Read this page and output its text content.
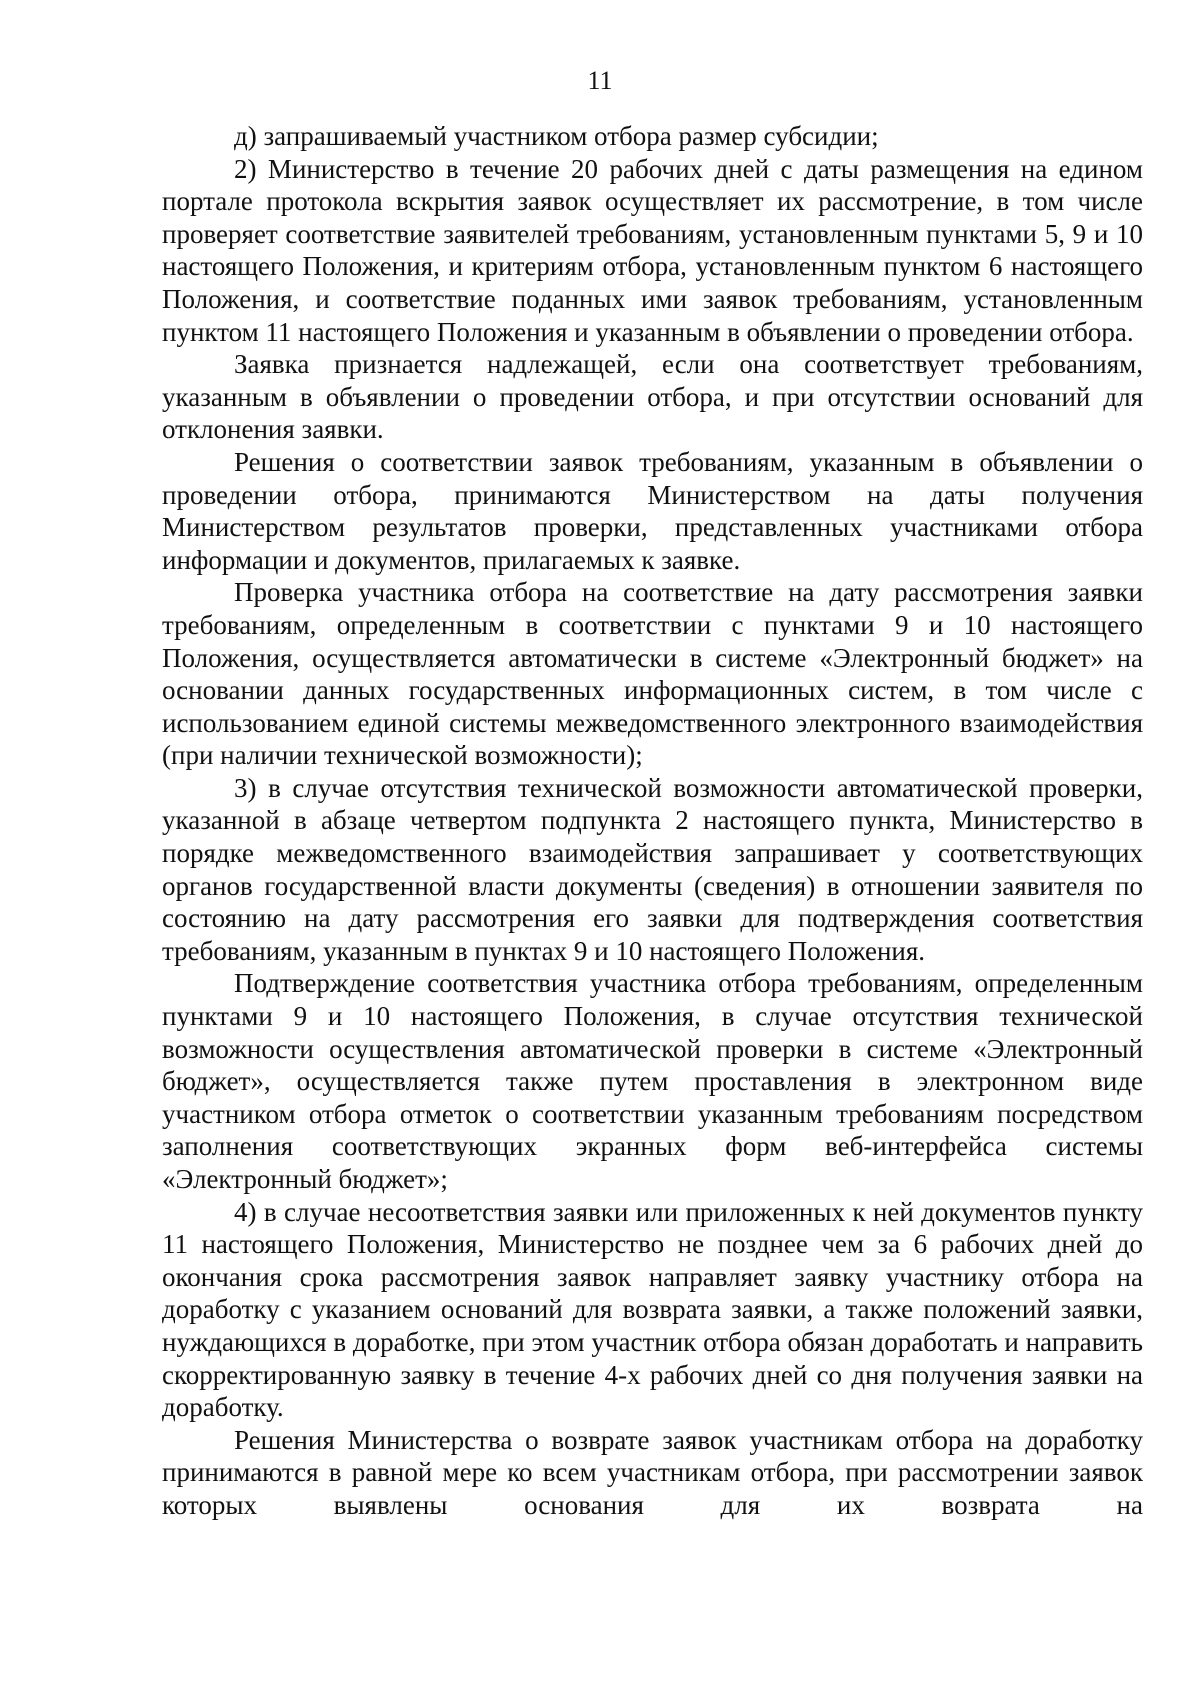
11

д) запрашиваемый участником отбора размер субсидии;

2) Министерство в течение 20 рабочих дней с даты размещения на едином портале протокола вскрытия заявок осуществляет их рассмотрение, в том числе проверяет соответствие заявителей требованиям, установленным пунктами 5, 9 и 10 настоящего Положения, и критериям отбора, установленным пунктом 6 настоящего Положения, и соответствие поданных ими заявок требованиям, установленным пунктом 11 настоящего Положения и указанным в объявлении о проведении отбора.

Заявка признается надлежащей, если она соответствует требованиям, указанным в объявлении о проведении отбора, и при отсутствии оснований для отклонения заявки.

Решения о соответствии заявок требованиям, указанным в объявлении о проведении отбора, принимаются Министерством на даты получения Министерством результатов проверки, представленных участниками отбора информации и документов, прилагаемых к заявке.

Проверка участника отбора на соответствие на дату рассмотрения заявки требованиям, определенным в соответствии с пунктами 9 и 10 настоящего Положения, осуществляется автоматически в системе «Электронный бюджет» на основании данных государственных информационных систем, в том числе с использованием единой системы межведомственного электронного взаимодействия (при наличии технической возможности);

3) в случае отсутствия технической возможности автоматической проверки, указанной в абзаце четвертом подпункта 2 настоящего пункта, Министерство в порядке межведомственного взаимодействия запрашивает у соответствующих органов государственной власти документы (сведения) в отношении заявителя по состоянию на дату рассмотрения его заявки для подтверждения соответствия требованиям, указанным в пунктах 9 и 10 настоящего Положения.

Подтверждение соответствия участника отбора требованиям, определенным пунктами 9 и 10 настоящего Положения, в случае отсутствия технической возможности осуществления автоматической проверки в системе «Электронный бюджет», осуществляется также путем проставления в электронном виде участником отбора отметок о соответствии указанным требованиям посредством заполнения соответствующих экранных форм веб-интерфейса системы «Электронный бюджет»;

4) в случае несоответствия заявки или приложенных к ней документов пункту 11 настоящего Положения, Министерство не позднее чем за 6 рабочих дней до окончания срока рассмотрения заявок направляет заявку участнику отбора на доработку с указанием оснований для возврата заявки, а также положений заявки, нуждающихся в доработке, при этом участник отбора обязан доработать и направить скорректированную заявку в течение 4-х рабочих дней со дня получения заявки на доработку.

Решения Министерства о возврате заявок участникам отбора на доработку принимаются в равной мере ко всем участникам отбора, при рассмотрении заявок которых выявлены основания для их возврата на
